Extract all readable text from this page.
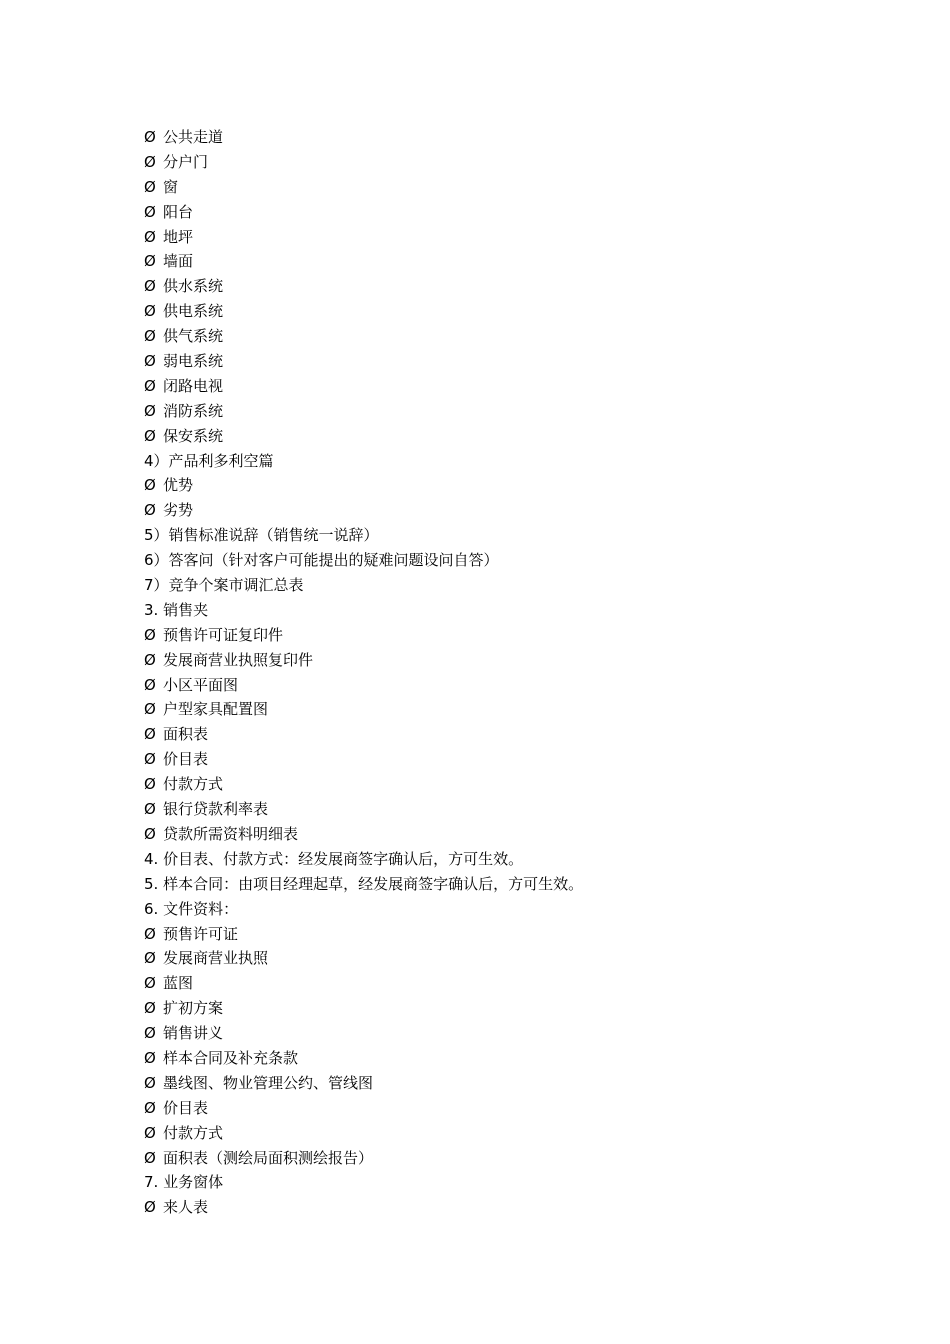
Ø 公共走道
Ø 分户门
Ø 窗
Ø 阳台
Ø 地坪
Ø 墙面
Ø 供水系统
Ø 供电系统
Ø 供气系统
Ø 弱电系统
Ø 闭路电视
Ø 消防系统
Ø 保安系统
4）产品利多利空篇
Ø 优势
Ø 劣势
5）销售标准说辞（销售统一说辞）
6）答客问（针对客户可能提出的疑难问题设问自答）
7）竞争个案市调汇总表
3. 销售夹
Ø 预售许可证复印件
Ø 发展商营业执照复印件
Ø 小区平面图
Ø 户型家具配置图
Ø 面积表
Ø 价目表
Ø 付款方式
Ø 银行贷款利率表
Ø 贷款所需资料明细表
4. 价目表、付款方式：经发展商签字确认后，方可生效。
5. 样本合同：由项目经理起草，经发展商签字确认后，方可生效。
6. 文件资料：
Ø 预售许可证
Ø 发展商营业执照
Ø 蓝图
Ø 扩初方案
Ø 销售讲义
Ø 样本合同及补充条款
Ø 墨线图、物业管理公约、管线图
Ø 价目表
Ø 付款方式
Ø 面积表（测绘局面积测绘报告）
7. 业务窗体
Ø 来人表
